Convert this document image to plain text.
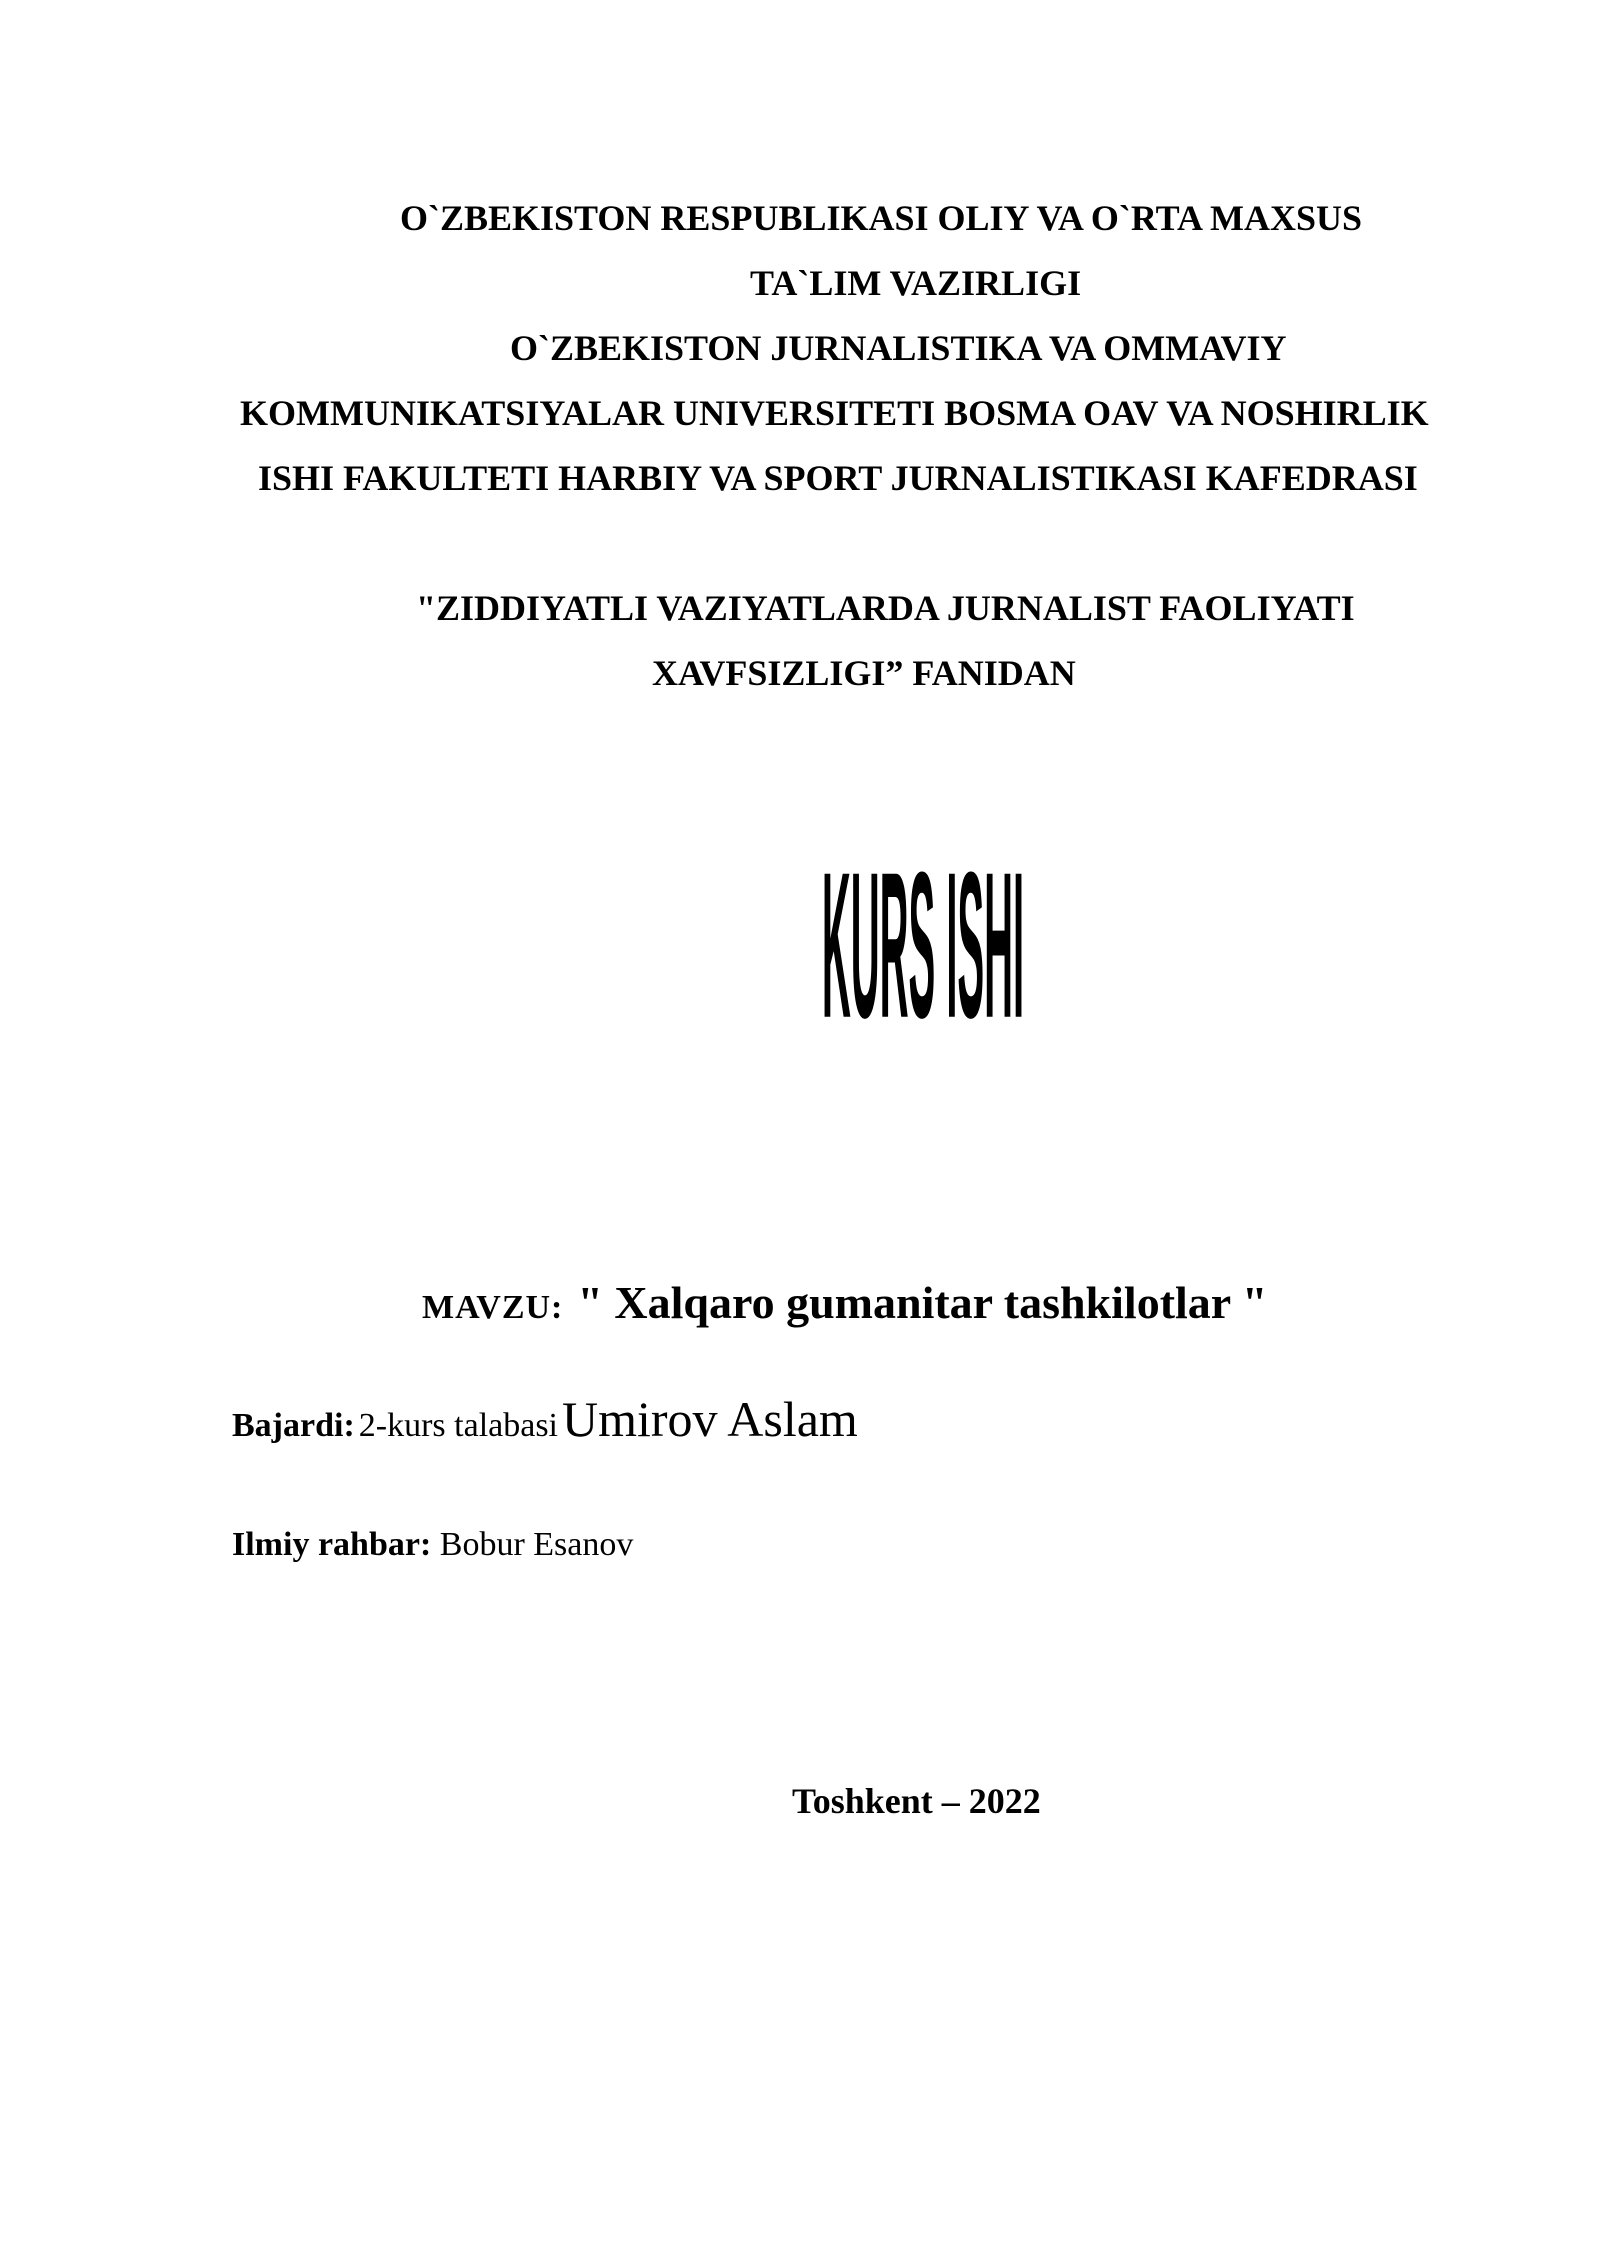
O`ZBEKISTON RESPUBLIKASI OLIY VA O`RTA MAXSUS
TA`LIM VAZIRLIGI
O`ZBEKISTON JURNALISTIKA VA OMMAVIY
KOMMUNIKATSIYALAR UNIVERSITETI BOSMA OAV VA NOSHIRLIK
ISHI FAKULTETI HARBIY VA SPORT JURNALISTIKASI KAFEDRASI
"ZIDDIYATLI VAZIYATLARDA JURNALIST FAOLIYATI
XAVFSIZLIGI” FANIDAN
KURS ISHI
MAVZU: " Xalqaro gumanitar tashkilotlar "
Bajardi: 2-kurs talabasi Umirov Aslam
Ilmiy rahbar: Bobur Esanov
Toshkent – 2022
